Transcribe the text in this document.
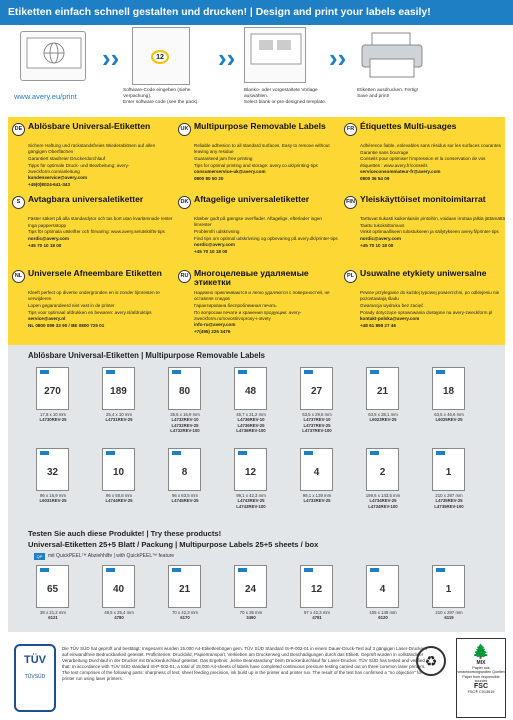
Etiketten einfach schnell gestalten und drucken! | Design and print your labels easily!
www.avery.eu/print
››	12
Software-Code eingeben (siehe Verpackung).
Enter software code (see the pack).
››
Blanko- oder vorgestaltete Vorlage auswählen.
Select blank or pre-designed template.
››
Etiketten ausdrucken. Fertig!
Save and print!
DE Ablösbare Universal-Etiketten
Sichere Haftung und rückstandsfreies Wiederablösen auf allen gängigen Oberflächen
Garantiert staufreier Druckerdurchlauf
Tipps für optimale Druck- und Bearbeitung: avery-zweckform.com/anleitung
kundenservice@avery.com
+49(0)8024-641-343
UK Multipurpose Removable Labels
Reliable adhesion to all standard surfaces. Easy to remove without leaving any residue
Guaranteed jam free printing
Tips for optimal printing and storage: avery.co.uk/printing-tips
consumerservice-uk@avery.com
0800 80 50 20
FR Étiquettes Multi-usages
Adhérence fiable, enlevables sans résidus sur les surfaces courantes
Garantie sans bourrage
Conseils pour optimiser l'impression et la conservation de vos étiquettes : www.avery.fr/conseils
serviceconsommateur-fr@avery.com
0800 36 54 09
S Avtagbara universaletiketter
Fäster säkert på alla standardytor och tas bort utan kvarlämnade rester
Inga pappersstopp
Tips för optimala utskrifter och förvaring: www.avery.se/utskrifts-tips
nordic@avery.com
+45 70 10 18 00
DK Aftagelige universaletiketter
Klæber godt på gængse overflader. Aftagelige, efterlader ingen limrester
Problemfri udskrivning
Find tips om optimal udskrivning og opbevaring på avery.dk/printer-tips
nordic@avery.com
+45 70 10 18 00
FIN Yleiskäyttöiset monitoimitarrat
Tarttuvat tiukasti kaikenlaisiin pintoihin, voidaan irrottaa jälkiä jättämättä
Taattu tukoksittomuus
Vinkit optimaalliseen tulostukseen ja säilytykseen avery.fi/printer-tips
nordic@avery.com
+45 70 10 18 00
NL Universele Afneembare Etiketten
Kleeft perfect op diverse ondergronden en is zonder lijmresten te verwijderen
Lopen gegarandeerd niet vast in de printer
Tips voor optimaal afdrukken en bewaren: avery.nl/afdruktips
service@avery.nl
NL 0800 099 33 90 / BE 0800 725 01
RU Многоцелевые удаляемые этикетки
Надежно приклеиваются и легко удаляются с поверхностей, не оставляя следов
Гарантирована беспроблемная печать
По вопросам печати и хранения продукции: avery-zweckform.ru/novosti/voprosy-i-otvety
info-ru@avery.com
+7(495) 226 3476
PL Usuwalne etykiety uniwersalne
Pewne przyleganie do każdej typowej powierzchni, po odklejeniu nie pozostawiają śladu
Gwarancja wydruku bez zacięć
Porady dotyczące oprawowania dostępne na avery-zweckform.pl
kontakt-polska@avery.com
+48 61 898 27 46
Ablösbare Universal-Etiketten | Multipurpose Removable Labels
270
17,8 x 10 mm
L4730REV-25
189
25,4 x 10 mm
L4731REV-25
80
35,6 x 16,9 mm
L4732REV-10
L4732REV-25
L4732REV-100
48
45,7 x 21,2 mm
L4736REV-10
L4736REV-25
L4736REV-100
27
63,5 x 29,6 mm
L4737REV-10
L4737REV-25
L4737REV-100
21
63,5 x 38,1 mm
L6023REV-25
18
63,5 x 46,6 mm
L6025REV-25
32
96 x 16,9 mm
L6031REV-25
10
96 x 50,8 mm
L4744REV-25
8
96 x 63,5 mm
L4745REV-25
12
99,1 x 42,3 mm
L4743REV-25
L4743REV-100
4
99,1 x 139 mm
L4733REV-25
2
199,6 x 143,5 mm
L4734REV-25
L4734REV-100
1
210 x 297 mm
L4735REV-25
L4735REV-100
65
38 x 21,2 mm
6121
40
48,5 x 25,4 mm
4780
21
70 x 42,3 mm
6170
24
70 x 36 mm
3490
12
97 x 42,3 mm
4781
4
105 x 148 mm
6120
1
210 x 297 mm
6119
Testen Sie auch diese Produkte! | Try these products!
Universal-Etiketten 25+5 Blatt / Packung | Multipurpose Labels 25+5 sheets / box
QP	mit QuickPEEL™ Abziehhilfe | with QuickPEEL™ feature
TÜV
TÜVSÜD
Die TÜV SÜD hat geprüft und bestätigt: Insgesamt wurden 15.000 A4-Etikettenbögen gem. TÜV SÜD Standard IS-P-002-01 in einem Dauer-Druck-Test auf 3 gängigen Laser-Druckern auf einwandfreie Bedruckbarkeit getestet. Prüfkriterien: Druckbild, Papiertransport, Verkleben am Druckerweg und Beschädigungen durch das Etikett. Geprüft wurden in vollständiger Verarbeitung Durchlauf in der Drucker mit Druckerdurchlauf getestet. Das Ergebnis: „keine Beanstandung" beim Druckerdurchlauf für Laser-Drucker. TÜV SÜD has tested and verified that: In accordance with TÜV SÜD standard IS-P-002-01, a total of 15,000 A4-sheets of labels have completed continuous pressure testing carried out on three common laser printers. The test comprises of the following parts: sharpness of text, sheet feeding precision, ink build up in the printer and printer run. The result of the test has confirmed a "no objection" for printer run using laser printers.
♻
🌲
MIX
Papier aus verantwortungsvollen Quellen
Paper from responsible sources
FSC
FSC® C013619
